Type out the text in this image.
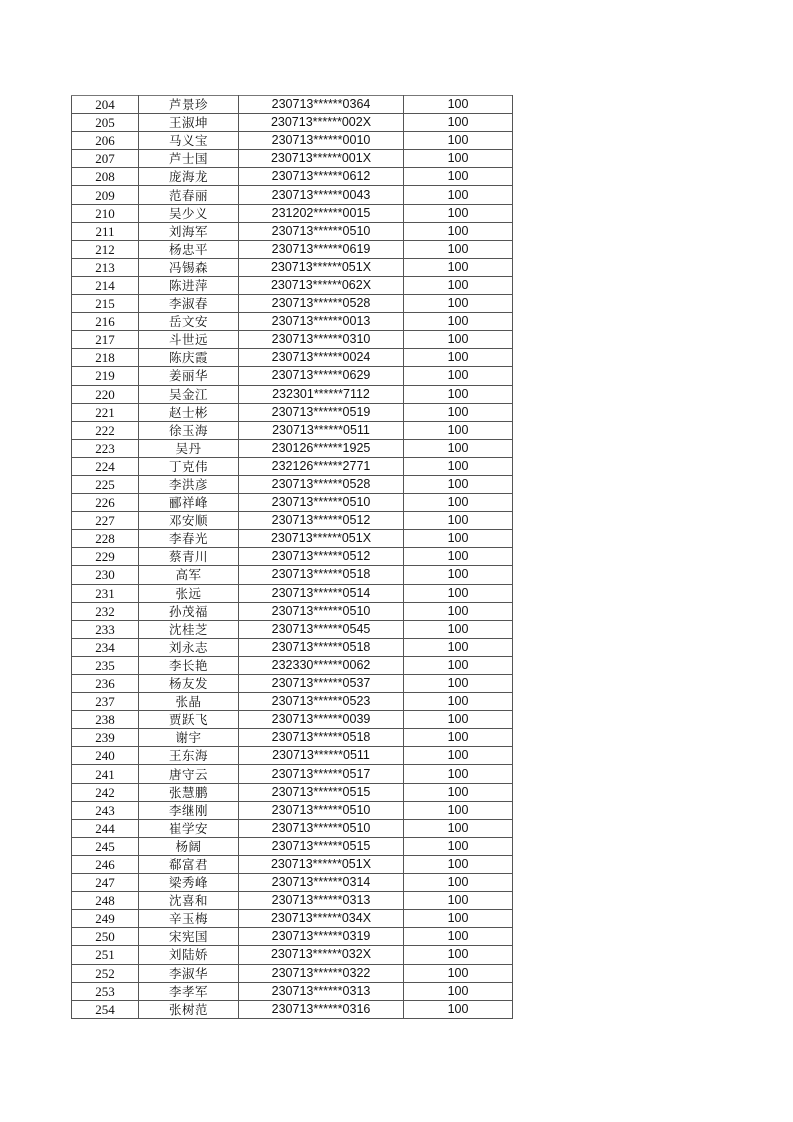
204	芦景珍	230713******0364	100
205	王淑坤	230713******002X	100
206	马义宝	230713******0010	100
207	芦士国	230713******001X	100
208	庞海龙	230713******0612	100
209	范春丽	230713******0043	100
210	吴少义	231202******0015	100
211	刘海军	230713******0510	100
212	杨忠平	230713******0619	100
213	冯锡森	230713******051X	100
214	陈进萍	230713******062X	100
215	李淑春	230713******0528	100
216	岳文安	230713******0013	100
217	斗世远	230713******0310	100
218	陈庆霞	230713******0024	100
219	姜丽华	230713******0629	100
220	吴金江	232301******7112	100
221	赵士彬	230713******0519	100
222	徐玉海	230713******0511	100
223	吴丹	230126******1925	100
224	丁克伟	232126******2771	100
225	李洪彦	230713******0528	100
226	郦祥峰	230713******0510	100
227	邓安顺	230713******0512	100
228	李春光	230713******051X	100
229	蔡青川	230713******0512	100
230	高军	230713******0518	100
231	张远	230713******0514	100
232	孙茂福	230713******0510	100
233	沈桂芝	230713******0545	100
234	刘永志	230713******0518	100
235	李长艳	232330******0062	100
236	杨友发	230713******0537	100
237	张晶	230713******0523	100
238	贾跃飞	230713******0039	100
239	谢宇	230713******0518	100
240	王东海	230713******0511	100
241	唐守云	230713******0517	100
242	张慧鹏	230713******0515	100
243	李继刚	230713******0510	100
244	崔学安	230713******0510	100
245	杨阔	230713******0515	100
246	郗富君	230713******051X	100
247	梁秀峰	230713******0314	100
248	沈喜和	230713******0313	100
249	辛玉梅	230713******034X	100
250	宋宪国	230713******0319	100
251	刘陆娇	230713******032X	100
252	李淑华	230713******0322	100
253	李孝军	230713******0313	100
254	张树范	230713******0316	100
